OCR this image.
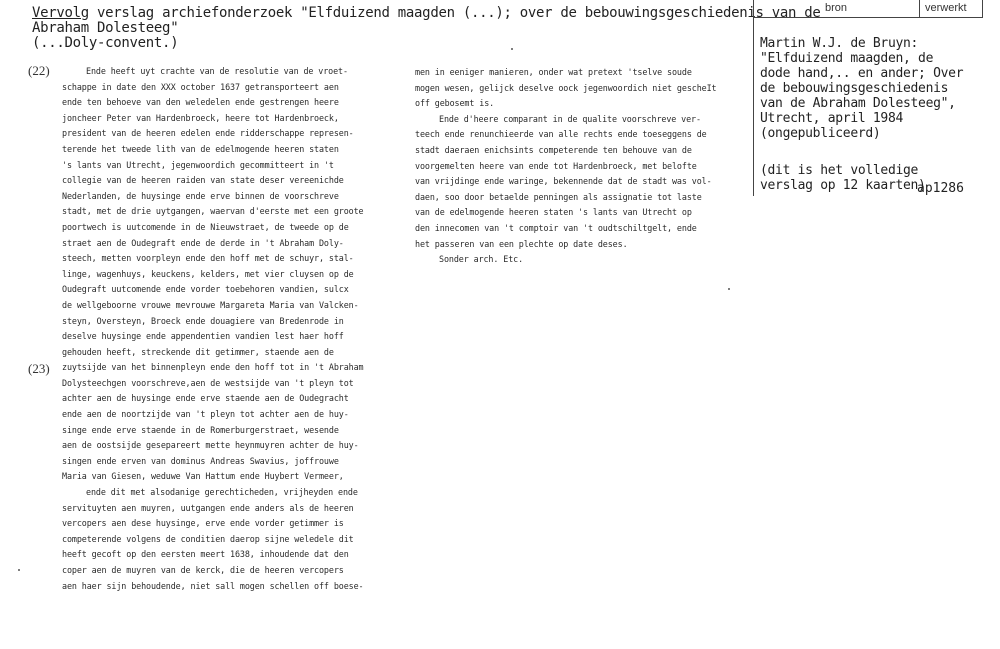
Vervolg verslag archiefonderzoek "Elfduizend maagden (...); over de bebouwingsgeschiedenis van de
Abraham Dolesteeg"
(...Doly-convent.)
bron	verwerkt
Martin W.J. de Bruyn: "Elfduizend maagden, de dode hand,.. en ander; Over de bebouwingsgeschiedenis van de Abraham Dolesteeg", Utrecht, april 1984 (ongepubliceerd)
(dit is het volledige verslag op 12 kaarten)
ap1286
(22)
(23)
Ende heeft uyt crachte van de resolutie van de vroet-
schappe in date den XXX october 1637 getransporteert aen
ende ten behoeve van den weledelen ende gestrengen heere
joncheer Peter van Hardenbroeck, heere tot Hardenbroeck,
president van de heeren edelen ende ridderschappe represen-
terende het tweede lith van de edelmogende heeren staten
's lants van Utrecht, jegenwoordich gecommitteert in 't
collegie van de heeren raiden van state deser vereenichde
Nederlanden, de huysinge ende erve binnen de voorschreve
stadt, met de drie uytgangen, waervan d'eerste met een groote
poortwech is uutcomende in de Nieuwstraet, de tweede op de
straet aen de Oudegraft ende de derde in 't Abraham Doly-
steech, metten voorpleyn ende den hoff met de schuyr, stal-
linge, wagenhuys, keuckens, kelders, met vier cluysen op de
Oudegraft uutcomende ende vorder toebehoren vandien, sulcx
de wellgeboorne vrouwe mevrouwe Margareta Maria van Valcken-
steyn, Oversteyn, Broeck ende douagiere van Bredenrode in
deselve huysinge ende appendentien vandien lest haer hoff
gehouden heeft, streckende dit getimmer, staende aen de
zuytsijde van het binnenpleyn ende den hoff tot in 't Abraham
Dolysteechgen voorschreve,aen de westsijde van 't pleyn tot
achter aen de huysinge ende erve staende aen de Oudegracht
ende aen de noortzijde van 't pleyn tot achter aen de huy-
singe ende erve staende in de Romerburgerstraet, wesende
aen de oostsijde gesepareert mette heynmuyren achter de huy-
singen ende erven van dominus Andreas Swavius, joffrouwe
Maria van Giesen, weduwe Van Hattum ende Huybert Vermeer,
ende dit met alsodanige gerechticheden, vrijheyden ende
servituyten aen muyren, uutgangen ende anders als de heeren
vercopers aen dese huysinge, erve ende vorder getimmer is
competerende volgens de conditien daerop sijne weledele dit
heeft gecoft op den eersten meert 1638, inhoudende dat den
coper aen de muyren van de kerck, die de heeren vercopers
aen haer sijn behoudende, niet sall mogen schellen off boese-
men in eeniger manieren, onder wat pretext 'tselve soude
mogen wesen, gelijck deselve oock jegenwoordich niet gescheIt
off gebosemt is.
Ende d'heere comparant in de qualite voorschreve ver-
teech ende renunchieerde van alle rechts ende toeseggens de
stadt daeraen enichsints competerende ten behouve van de
voorgemelten heere van ende tot Hardenbroeck, met belofte
van vrijdinge ende waringe, bekennende dat de stadt was vol-
daen, soo door betaelde penningen als assignatie tot laste
van de edelmogende heeren staten 's lants van Utrecht op
den innecomen van 't comptoir van 't oudtschiltgelt, ende
het passeren van een plechte op date deses.
Sonder arch. Etc.
